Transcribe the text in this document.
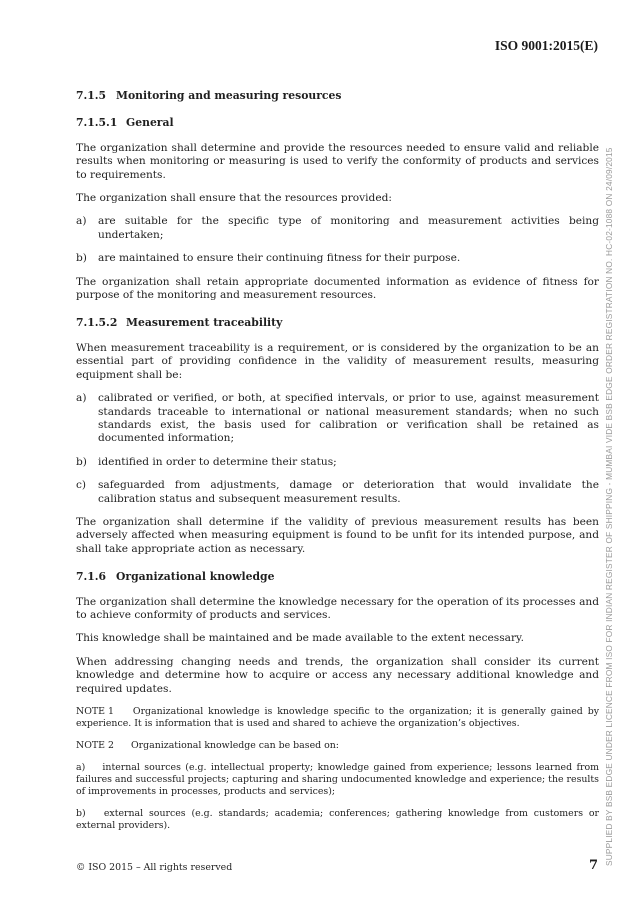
ISO 9001:2015(E)
7.1.5 Monitoring and measuring resources
7.1.5.1 General

The organization shall determine and provide the resources needed to ensure valid and reliable results when monitoring or measuring is used to verify the conformity of products and services to requirements.

The organization shall ensure that the resources provided:

a)	are suitable for the specific type of monitoring and measurement activities being undertaken;
b)	are maintained to ensure their continuing fitness for their purpose.

The organization shall retain appropriate documented information as evidence of fitness for purpose of the monitoring and measurement resources.

7.1.5.2 Measurement traceability

When measurement traceability is a requirement, or is considered by the organization to be an essential part of providing confidence in the validity of measurement results, measuring equipment shall be:

a)	calibrated or verified, or both, at specified intervals, or prior to use, against measurement standards traceable to international or national measurement standards; when no such standards exist, the basis used for calibration or verification shall be retained as documented information;
b)	identified in order to determine their status;
c)	safeguarded from adjustments, damage or deterioration that would invalidate the calibration status and subsequent measurement results.

The organization shall determine if the validity of previous measurement results has been adversely affected when measuring equipment is found to be unfit for its intended purpose, and shall take appropriate action as necessary.

7.1.6 Organizational knowledge

The organization shall determine the knowledge necessary for the operation of its processes and to achieve conformity of products and services.

This knowledge shall be maintained and be made available to the extent necessary.

When addressing changing needs and trends, the organization shall consider its current knowledge and determine how to acquire or access any necessary additional knowledge and required updates.

NOTE 1 Organizational knowledge is knowledge specific to the organization; it is generally gained by experience. It is information that is used and shared to achieve the organization’s objectives.
NOTE 2 Organizational knowledge can be based on:
a) internal sources (e.g. intellectual property; knowledge gained from experience; lessons learned from failures and successful projects; capturing and sharing undocumented knowledge and experience; the results of improvements in processes, products and services);
b) external sources (e.g. standards; academia; conferences; gathering knowledge from customers or external providers).
© ISO 2015 – All rights reserved	7 SUPPLIED BY BSB EDGE UNDER LICENCE FROM ISO FOR INDIAN REGISTER OF SHIPPING - MUMBAI VIDE BSB EDGE ORDER REGISTRATION NO. HC-02-1088 ON 24/09/2015
